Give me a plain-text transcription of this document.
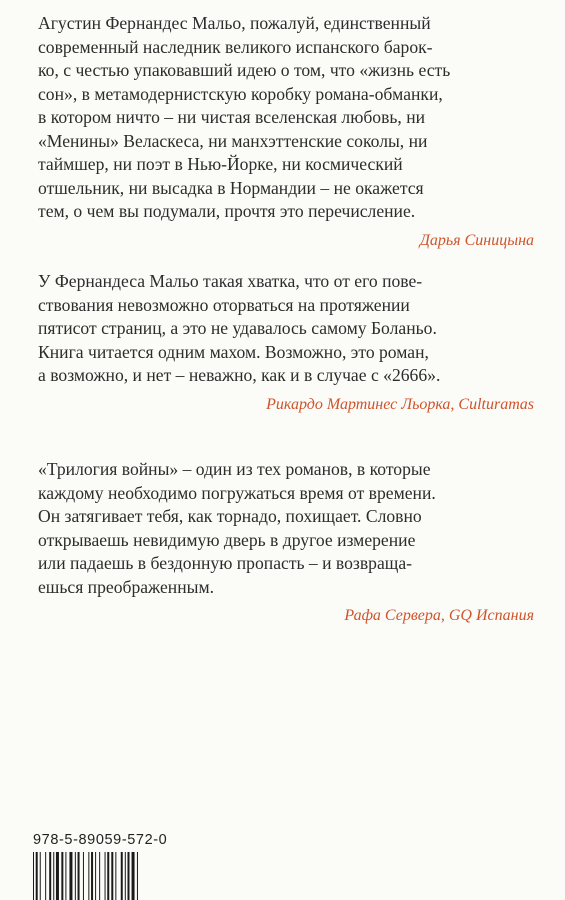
Агустин Фернандес Мальо, пожалуй, единственный
современный наследник великого испанского барок-
ко, с честью упаковавший идею о том, что «жизнь есть
сон», в метамодернистскую коробку романа-обманки,
в котором ничто – ни чистая вселенская любовь, ни
«Менины» Веласкеса, ни манхэттенские соколы, ни
таймшер, ни поэт в Нью-Йорке, ни космический
отшельник, ни высадка в Нормандии – не окажется
тем, о чем вы подумали, прочтя это перечисление.

Дарья Синицына

У Фернандеса Мальо такая хватка, что от его пове-
ствования невозможно оторваться на протяжении
пятисот страниц, а это не удавалось самому Боланьо.
Книга читается одним махом. Возможно, это роман,
а возможно, и нет – неважно, как и в случае с «2666».

Рикардо Мартинес Льорка, Culturamas

«Трилогия войны» – один из тех романов, в которые
каждому необходимо погружаться время от времени.
Он затягивает тебя, как торнадо, похищает. Словно
открываешь невидимую дверь в другое измерение
или падаешь в бездонную пропасть – и возвраща-
ешься преображенным.

Рафа Сервера, GQ Испания
978-5-89059-572-0
